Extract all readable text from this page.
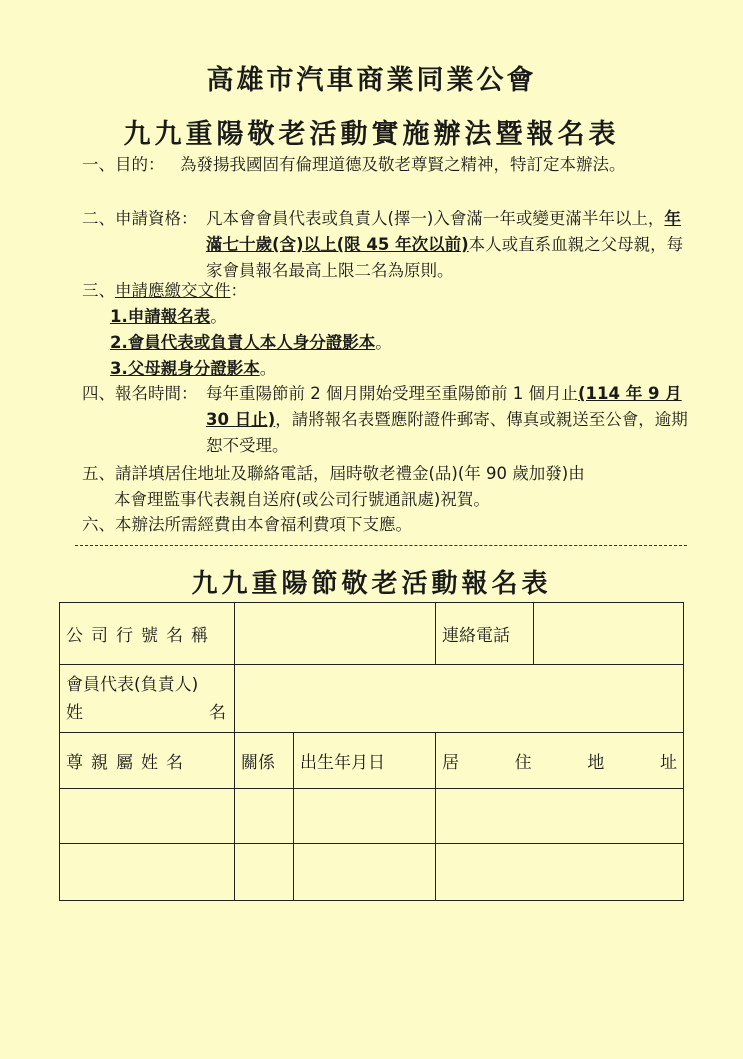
高雄市汽車商業同業公會
九九重陽敬老活動實施辦法暨報名表
一、目的： 為發揚我國固有倫理道德及敬老尊賢之精神，特訂定本辦法。
二、申請資格： 凡本會會員代表或負責人(擇一)入會滿一年或變更滿半年以上，年滿七十歲(含)以上(限 45 年次以前)本人或直系血親之父母親，每家會員報名最高上限二名為原則。
三、申請應繳交文件：
1.申請報名表。
2.會員代表或負責人本人身分證影本。
3.父母親身分證影本。
四、報名時間： 每年重陽節前 2 個月開始受理至重陽節前 1 個月止(114 年 9 月 30 日止)，請將報名表暨應附證件郵寄、傳真或親送至公會，逾期恕不受理。
五、請詳填居住地址及聯絡電話，屆時敬老禮金(品)(年 90 歲加發)由
本會理監事代表親自送府(或公司行號通訊處)祝賀。
六、本辦法所需經費由本會福利費項下支應。
九九重陽節敬老活動報名表
公司行號名稱			連絡電話	

會員代表(負責人)
姓 名				

尊親屬姓名	關係	出生年月日	居 住 地 址	
